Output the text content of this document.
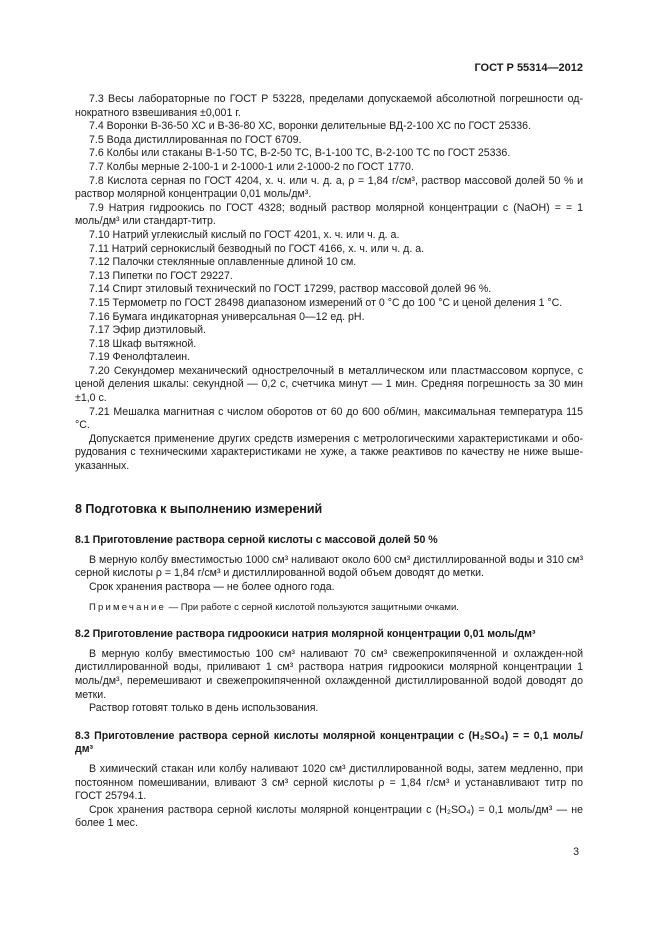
ГОСТ Р 55314—2012

7.3 Весы лабораторные по ГОСТ Р 53228, пределами допускаемой абсолютной погрешности од-нократного взвешивания ±0,001 г.

7.4 Воронки В-36-50 ХС и В-36-80 ХС, воронки делительные ВД-2-100 ХС по ГОСТ 25336.

7.5 Вода дистиллированная по ГОСТ 6709.

7.6 Колбы или стаканы В-1-50 ТС, В-2-50 ТС, В-1-100 ТС, В-2-100 ТС по ГОСТ 25336.

7.7 Колбы мерные 2-100-1 и 2-1000-1 или 2-1000-2 по ГОСТ 1770.

7.8 Кислота серная по ГОСТ 4204, х. ч. или ч. д. а, ρ = 1,84 г/см³, раствор массовой долей 50 % и раствор молярной концентрации 0,01 моль/дм³.

7.9 Натрия гидроокись по ГОСТ 4328; водный раствор молярной концентрации c (NaOH) = = 1 моль/дм³ или стандарт-титр.

7.10 Натрий углекислый кислый по ГОСТ 4201, х. ч. или ч. д. а.

7.11 Натрий сернокислый безводный по ГОСТ 4166, х. ч. или ч. д. а.

7.12 Палочки стеклянные оплавленные длиной 10 см.

7.13 Пипетки по ГОСТ 29227.

7.14 Спирт этиловый технический по ГОСТ 17299, раствор массовой долей 96 %.

7.15 Термометр по ГОСТ 28498 диапазоном измерений от 0 °С до 100 °С и ценой деления 1 °С.

7.16 Бумага индикаторная универсальная 0—12 ед. рН.

7.17 Эфир диэтиловый.

7.18 Шкаф вытяжной.

7.19 Фенолфталеин.

7.20 Секундомер механический однострелочный в металлическом или пластмассовом корпусе, с ценой деления шкалы: секундной — 0,2 с, счетчика минут — 1 мин. Средняя погрешность за 30 мин ±1,0 с.

7.21 Мешалка магнитная с числом оборотов от 60 до 600 об/мин, максимальная температура 115 °С.

Допускается применение других средств измерения с метрологическими характеристиками и обо-рудования с техническими характеристиками не хуже, а также реактивов по качеству не ниже выше-указанных.

8 Подготовка к выполнению измерений
8.1 Приготовление раствора серной кислоты с массовой долей 50 %

В мерную колбу вместимостью 1000 см³ наливают около 600 см³ дистиллированной воды и 310 см³ серной кислоты ρ = 1,84 г/см³ и дистиллированной водой объем доводят до метки.

Срок хранения раствора — не более одного года.

Примечание — При работе с серной кислотой пользуются защитными очками.

8.2 Приготовление раствора гидроокиси натрия молярной концентрации 0,01 моль/дм³

В мерную колбу вместимостью 100 см³ наливают 70 см³ свежепрокипяченной и охлажден-ной дистиллированной воды, приливают 1 см³ раствора натрия гидроокиси молярной концентрации 1 моль/дм³, перемешивают и свежепрокипяченной охлажденной дистиллированной водой доводят до метки.

Раствор готовят только в день использования.

8.3 Приготовление раствора серной кислоты молярной концентрации c (H₂SO₄) = = 0,1 моль/дм³

В химический стакан или колбу наливают 1020 см³ дистиллированной воды, затем медленно, при постоянном помешивании, вливают 3 см³ серной кислоты ρ = 1,84 г/см³ и устанавливают титр по ГОСТ 25794.1.

Срок хранения раствора серной кислоты молярной концентрации c (H₂SO₄) = 0,1 моль/дм³ — не более 1 мес.

3
